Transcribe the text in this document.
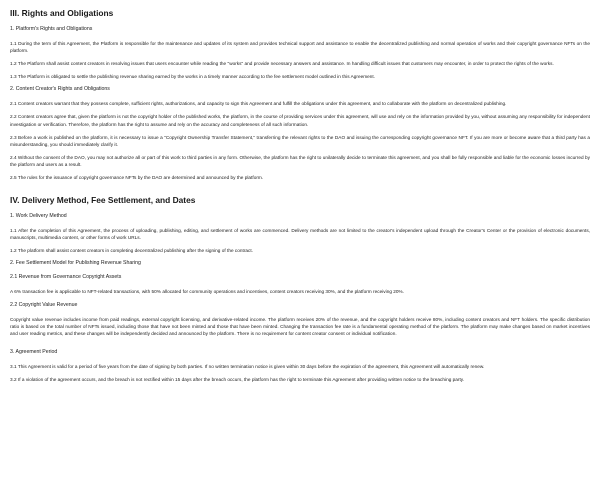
III. Rights and Obligations
1. Platform's Rights and Obligations
1.1 During the term of this Agreement, the Platform is responsible for the maintenance and updates of its system and provides technical support and assistance to enable the decentralized publishing and normal operation of works and their copyright governance NFTs on the platform.
1.2 The Platform shall assist content creators in resolving issues that users encounter while reading the "works" and provide necessary answers and assistance. In handling difficult issues that customers may encounter, in order to protect the rights of the works.
1.3 The Platform is obligated to settle the publishing revenue sharing earned by the works in a timely manner according to the fee settlement model outlined in this Agreement.
2. Content Creator's Rights and Obligations
2.1 Content creators warrant that they possess complete, sufficient rights, authorizations, and capacity to sign this Agreement and fulfill the obligations under this agreement, and to collaborate with the platform on decentralized publishing.
2.2 Content creators agree that, given the platform is not the copyright holder of the published works, the platform, in the course of providing services under this agreement, will use and rely on the information provided by you, without assuming any responsibility for independent investigation or verification. Therefore, the platform has the right to assume and rely on the accuracy and completeness of all such information.
2.3 Before a work is published on the platform, it is necessary to issue a "Copyright Ownership Transfer Statement," transferring the relevant rights to the DAO and issuing the corresponding copyright governance NFT. If you are more or become aware that a third party has a misunderstanding, you should immediately clarify it.
2.4 Without the consent of the DAO, you may not authorize all or part of this work to third parties in any form. Otherwise, the platform has the right to unilaterally decide to terminate this agreement, and you shall be fully responsible and liable for the economic losses incurred by the platform and users as a result.
2.5 The rules for the issuance of copyright governance NFTs by the DAO are determined and announced by the platform.
IV. Delivery Method, Fee Settlement, and Dates
1. Work Delivery Method
1.1 After the completion of this Agreement, the process of uploading, publishing, editing, and settlement of works are commenced. Delivery methods are not limited to the creator's independent upload through the Creator's Center or the provision of electronic documents, manuscripts, multimedia content, or other forms of work URLs.
1.2 The platform shall assist content creators in completing decentralized publishing after the signing of the contract.
2. Fee Settlement Model for Publishing Revenue Sharing
2.1 Revenue from Governance Copyright Assets
A 6% transaction fee is applicable to NFT-related transactions, with 50% allocated for community operations and incentives, content creators receiving 30%, and the platform receiving 20%.
2.2 Copyright Value Revenue
Copyright value revenue includes income from paid readings, external copyright licensing, and derivative-related income. The platform receives 20% of the revenue, and the copyright holders receive 80%, including content creators and NFT holders. The specific distribution ratio is based on the total number of NFTs issued, including those that have not been minted and those that have been minted. Changing the transaction fee rate is a fundamental operating method of the platform. The platform may make changes based on market incentives and user reading metrics, and these changes will be independently decided and announced by the platform. There is no requirement for content creator consent or individual notification.
3. Agreement Period
3.1 This Agreement is valid for a period of five years from the date of signing by both parties. If no written termination notice is given within 30 days before the expiration of the agreement, this Agreement will automatically renew.
3.2 If a violation of the agreement occurs, and the breach is not rectified within 15 days after the breach occurs, the platform has the right to terminate this Agreement after providing written notice to the breaching party.
